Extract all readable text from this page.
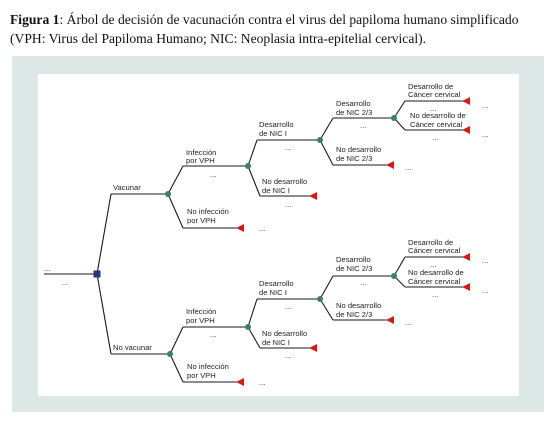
Figura 1: Árbol de decisión de vacunación contra el virus del papiloma humano simplificado (VPH: Virus del Papiloma Humano; NIC: Neoplasia intra-epitelial cervical).
...
...
Vacunar
Infección
por VPH
...
No infección
por VPH
...
Desarrollo
de NIC I
...
No desarrollo
de NIC I
...
Desarrollo
de NIC 2/3
...
No desarrollo
de NIC 2/3
...
Desarrollo de
Cáncer cervical
...
No desarrollo de
Cáncer cervical
...
...
...
No vacunar
Infección
por VPH
...
No infección
por VPH
...
Desarrollo
de NIC I
...
No desarrollo
de NIC I
...
Desarrollo
de NIC 2/3
...
No desarrollo
de NIC 2/3
...
Desarrollo de
Cáncer cervical
...
No desarrollo de
Cáncer cervical
...
...
...
